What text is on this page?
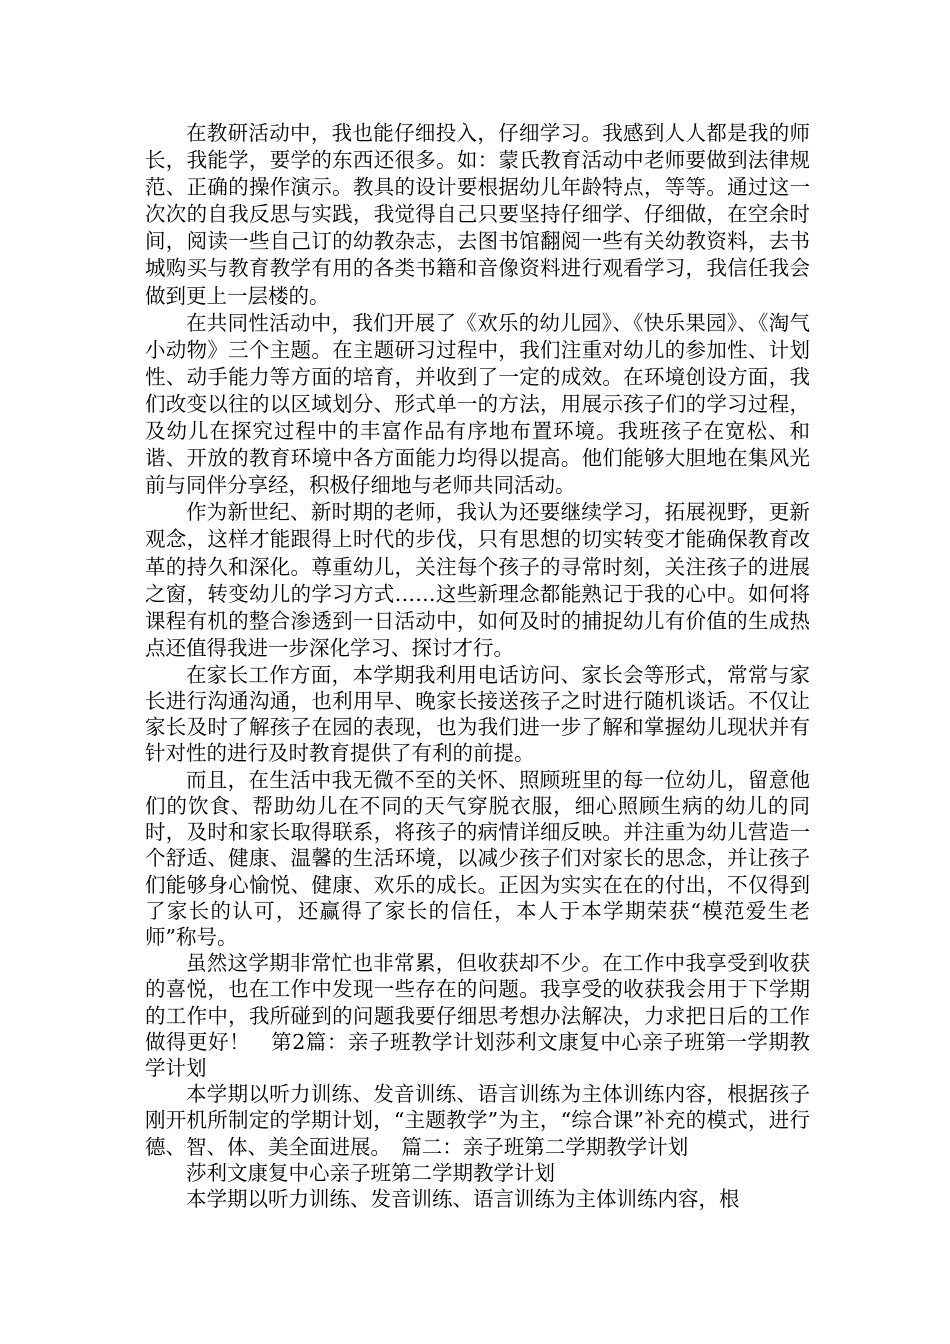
在教研活动中，我也能仔细投入，仔细学习。我感到人人都是我的师长，我能学，要学的东西还很多。如：蒙氏教育活动中老师要做到法律规范、正确的操作演示。教具的设计要根据幼儿年龄特点，等等。通过这一次次的自我反思与实践，我觉得自己只要坚持仔细学、仔细做，在空余时间，阅读一些自己订的幼教杂志，去图书馆翻阅一些有关幼教资料，去书城购买与教育教学有用的各类书籍和音像资料进行观看学习，我信任我会做到更上一层楼的。

在共同性活动中，我们开展了《欢乐的幼儿园》、《快乐果园》、《淘气小动物》三个主题。在主题研习过程中，我们注重对幼儿的参加性、计划性、动手能力等方面的培育，并收到了一定的成效。在环境创设方面，我们改变以往的以区域划分、形式单一的方法，用展示孩子们的学习过程，及幼儿在探究过程中的丰富作品有序地布置环境。我班孩子在宽松、和谐、开放的教育环境中各方面能力均得以提高。他们能够大胆地在集风光前与同伴分享经，积极仔细地与老师共同活动。

作为新世纪、新时期的老师，我认为还要继续学习，拓展视野，更新观念，这样才能跟得上时代的步伐，只有思想的切实转变才能确保教育改革的持久和深化。尊重幼儿，关注每个孩子的寻常时刻，关注孩子的进展之窗，转变幼儿的学习方式……这些新理念都能熟记于我的心中。如何将课程有机的整合渗透到一日活动中，如何及时的捕捉幼儿有价值的生成热点还值得我进一步深化学习、探讨才行。

在家长工作方面，本学期我利用电话访问、家长会等形式，常常与家长进行沟通沟通，也利用早、晚家长接送孩子之时进行随机谈话。不仅让家长及时了解孩子在园的表现，也为我们进一步了解和掌握幼儿现状并有针对性的进行及时教育提供了有利的前提。

而且，在生活中我无微不至的关怀、照顾班里的每一位幼儿，留意他们的饮食、帮助幼儿在不同的天气穿脱衣服，细心照顾生病的幼儿的同时，及时和家长取得联系，将孩子的病情详细反映。并注重为幼儿营造一个舒适、健康、温馨的生活环境，以减少孩子们对家长的思念，并让孩子们能够身心愉悦、健康、欢乐的成长。正因为实实在在的付出，不仅得到了家长的认可，还赢得了家长的信任，本人于本学期荣获“模范爱生老师”称号。

虽然这学期非常忙也非常累，但收获却不少。在工作中我享受到收获的喜悦，也在工作中发现一些存在的问题。我享受的收获我会用于下学期的工作中，我所碰到的问题我要仔细思考想办法解决，力求把日后的工作做得更好！　第2篇：亲子班教学计划莎利文康复中心亲子班第一学期教学计划

本学期以听力训练、发音训练、语言训练为主体训练内容，根据孩子刚开机所制定的学期计划，“主题教学”为主，“综合课”补充的模式，进行德、智、体、美全面进展。　篇二：亲子班第二学期教学计划

莎利文康复中心亲子班第二学期教学计划

本学期以听力训练、发音训练、语言训练为主体训练内容，根
